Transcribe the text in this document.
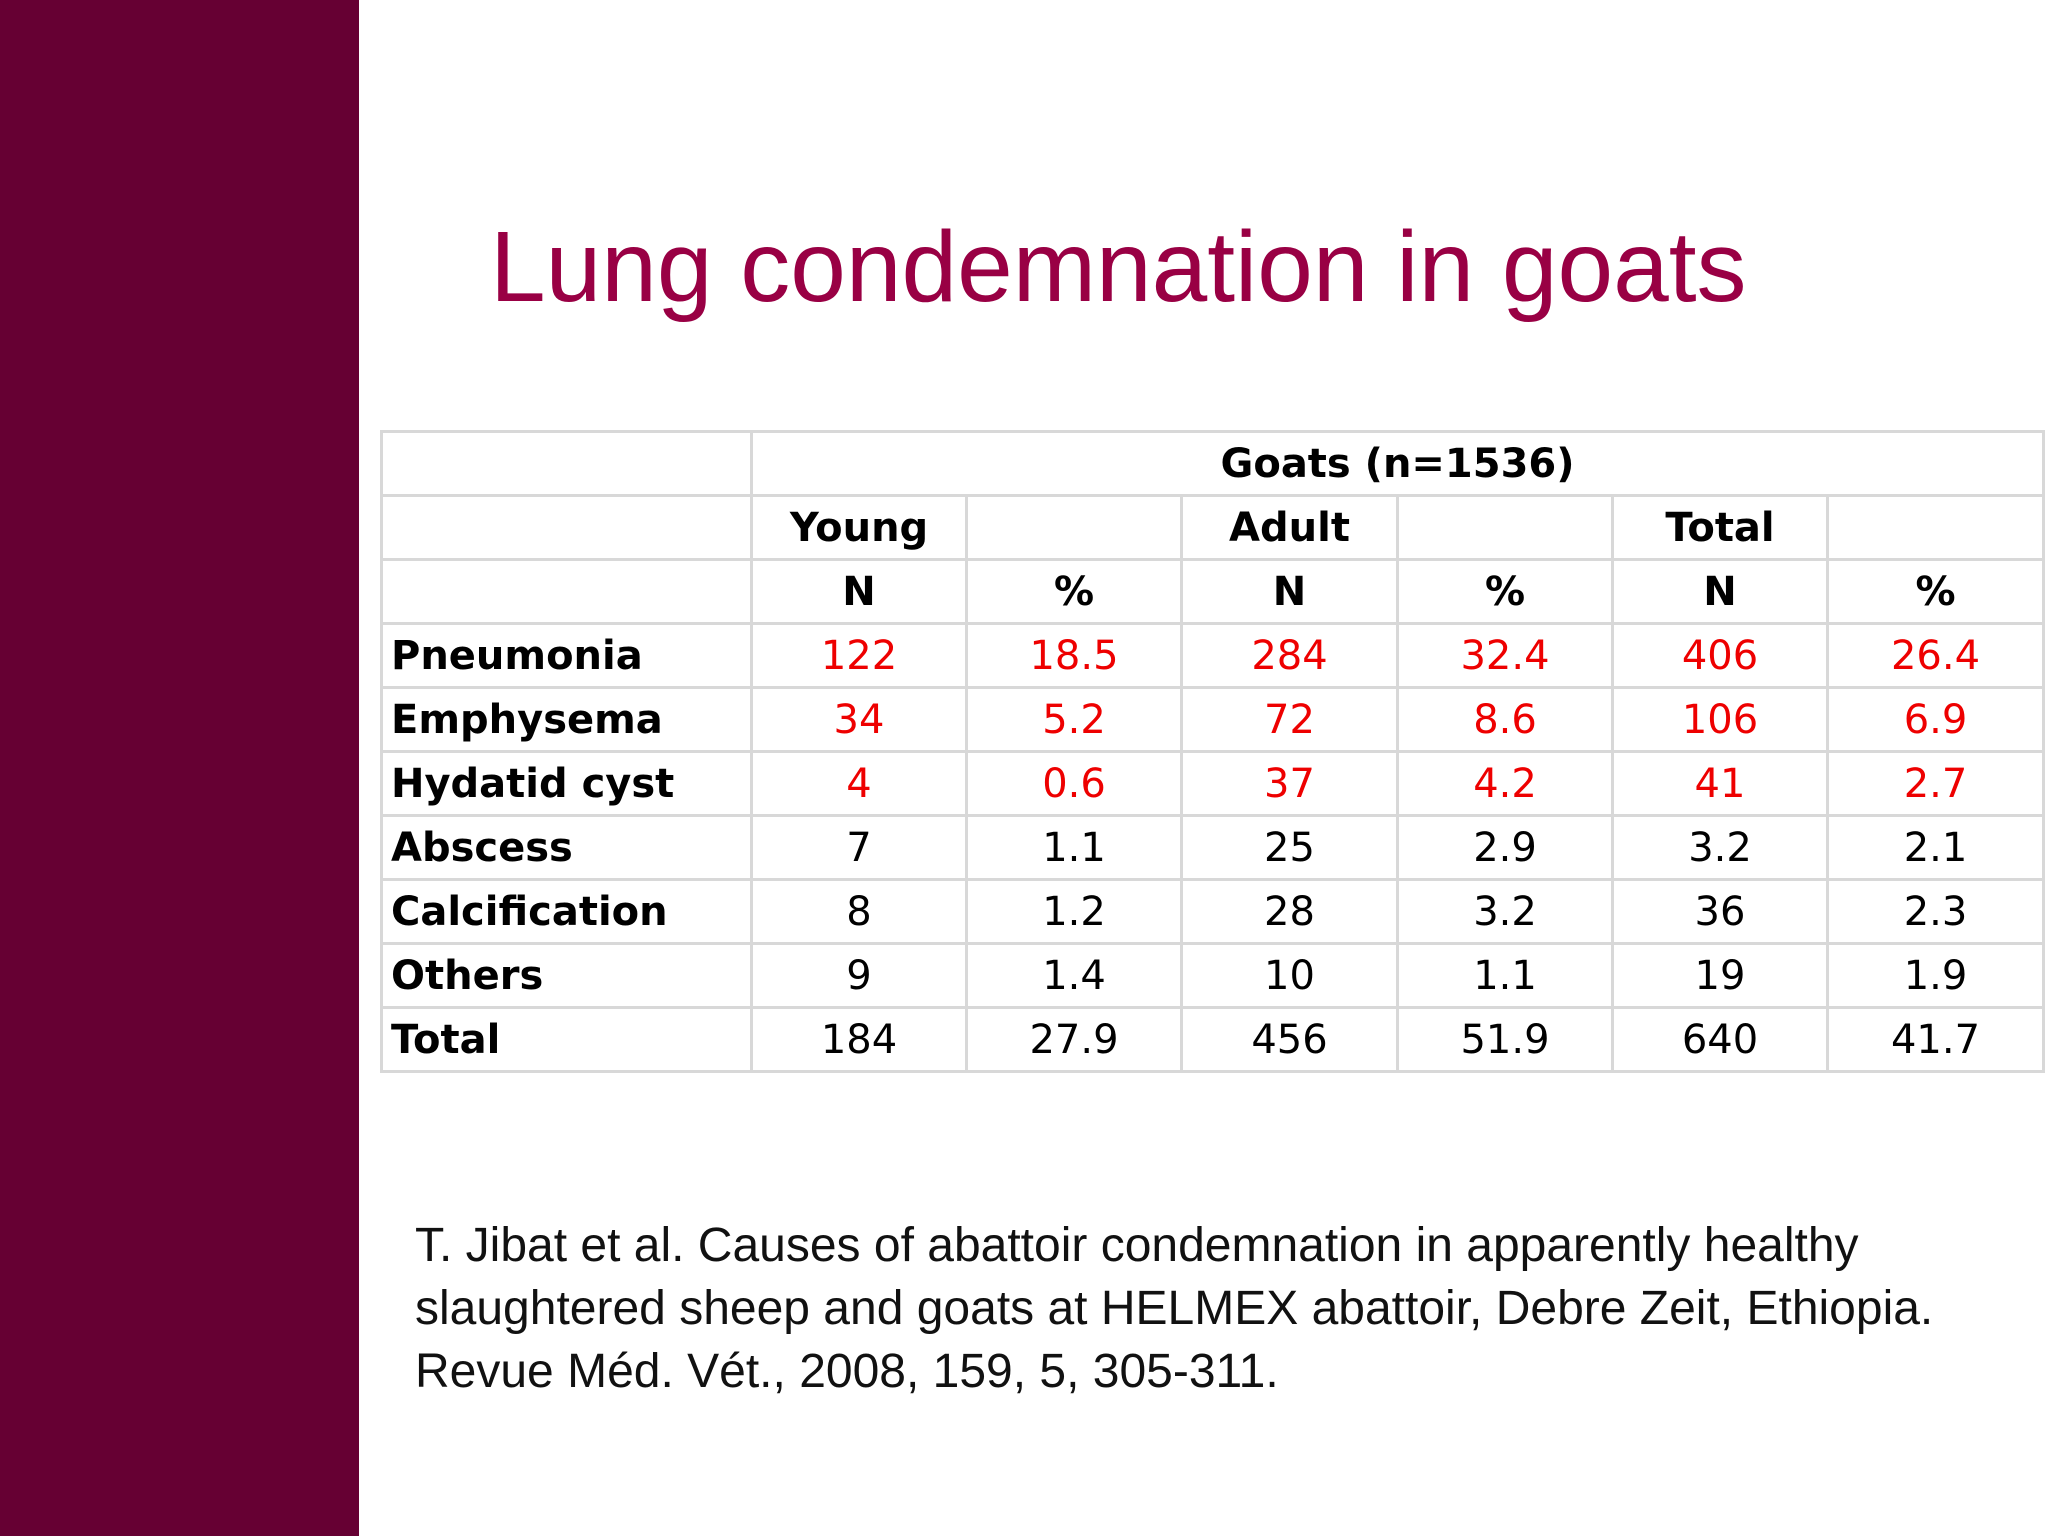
Lung condemnation in goats
	Goats (n=1536)					
	Young		Adult		Total	
	N	%	N	%	N	%
Pneumonia	122	18.5	284	32.4	406	26.4
Emphysema	34	5.2	72	8.6	106	6.9
Hydatid cyst	4	0.6	37	4.2	41	2.7
Abscess	7	1.1	25	2.9	3.2	2.1
Calcification	8	1.2	28	3.2	36	2.3
Others	9	1.4	10	1.1	19	1.9
Total	184	27.9	456	51.9	640	41.7
T. Jibat et al. Causes of abattoir condemnation in apparently healthy slaughtered sheep and goats at HELMEX abattoir, Debre Zeit, Ethiopia. Revue Méd. Vét., 2008, 159, 5, 305-311.
